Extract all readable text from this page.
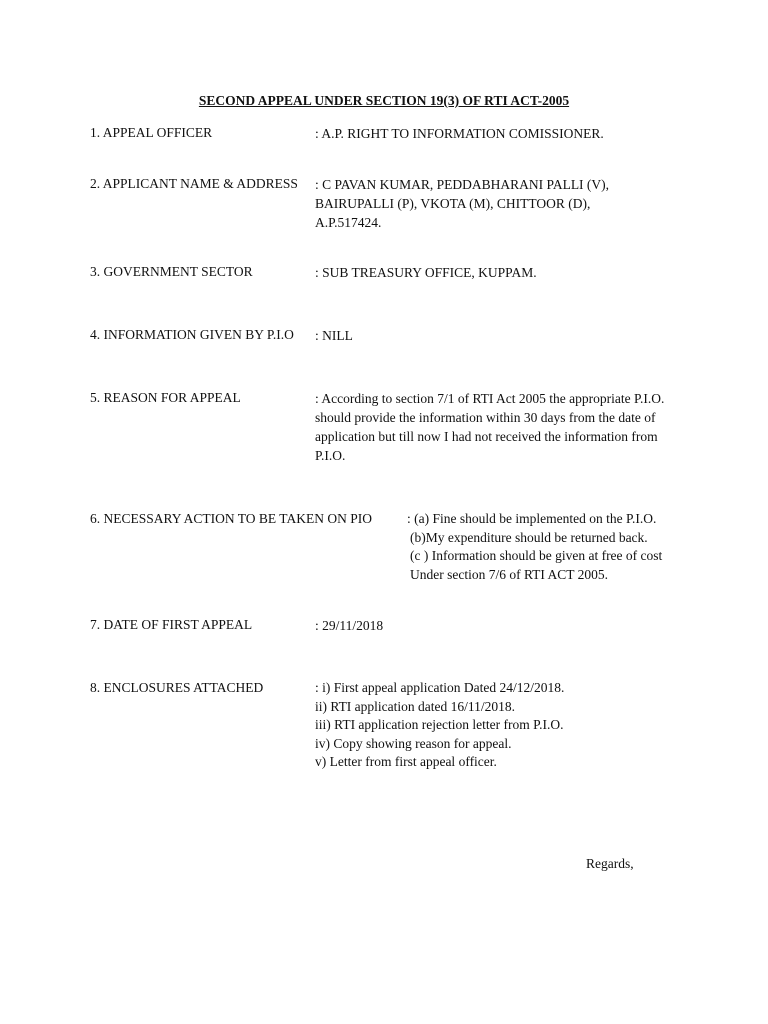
SECOND APPEAL UNDER SECTION 19(3) OF RTI ACT-2005
1. APPEAL OFFICER	: A.P. RIGHT TO INFORMATION COMISSIONER.
2. APPLICANT NAME & ADDRESS : C PAVAN KUMAR, PEDDABHARANI PALLI (V),
BAIRUPALLI (P), VKOTA (M), CHITTOOR (D),
A.P.517424.
3. GOVERNMENT SECTOR	: SUB TREASURY OFFICE, KUPPAM.
4. INFORMATION GIVEN BY P.I.O : NILL
5. REASON FOR APPEAL	: According to section 7/1 of RTI Act 2005 the appropriate P.I.O.
should provide the information within 30 days from the date of
application but till now I had not received the information from
P.I.O.
6. NECESSARY ACTION TO BE TAKEN ON PIO	: (a) Fine should be implemented on the P.I.O.
(b)My expenditure should be returned back.
(c ) Information should be given at free of cost
Under section 7/6 of RTI ACT 2005.
7. DATE OF FIRST APPEAL	: 29/11/2018
8. ENCLOSURES ATTACHED	: i) First appeal application Dated 24/12/2018.
ii) RTI application dated 16/11/2018.
iii) RTI application rejection letter from P.I.O.
iv) Copy showing reason for appeal.
v) Letter from first appeal officer.
Regards,
